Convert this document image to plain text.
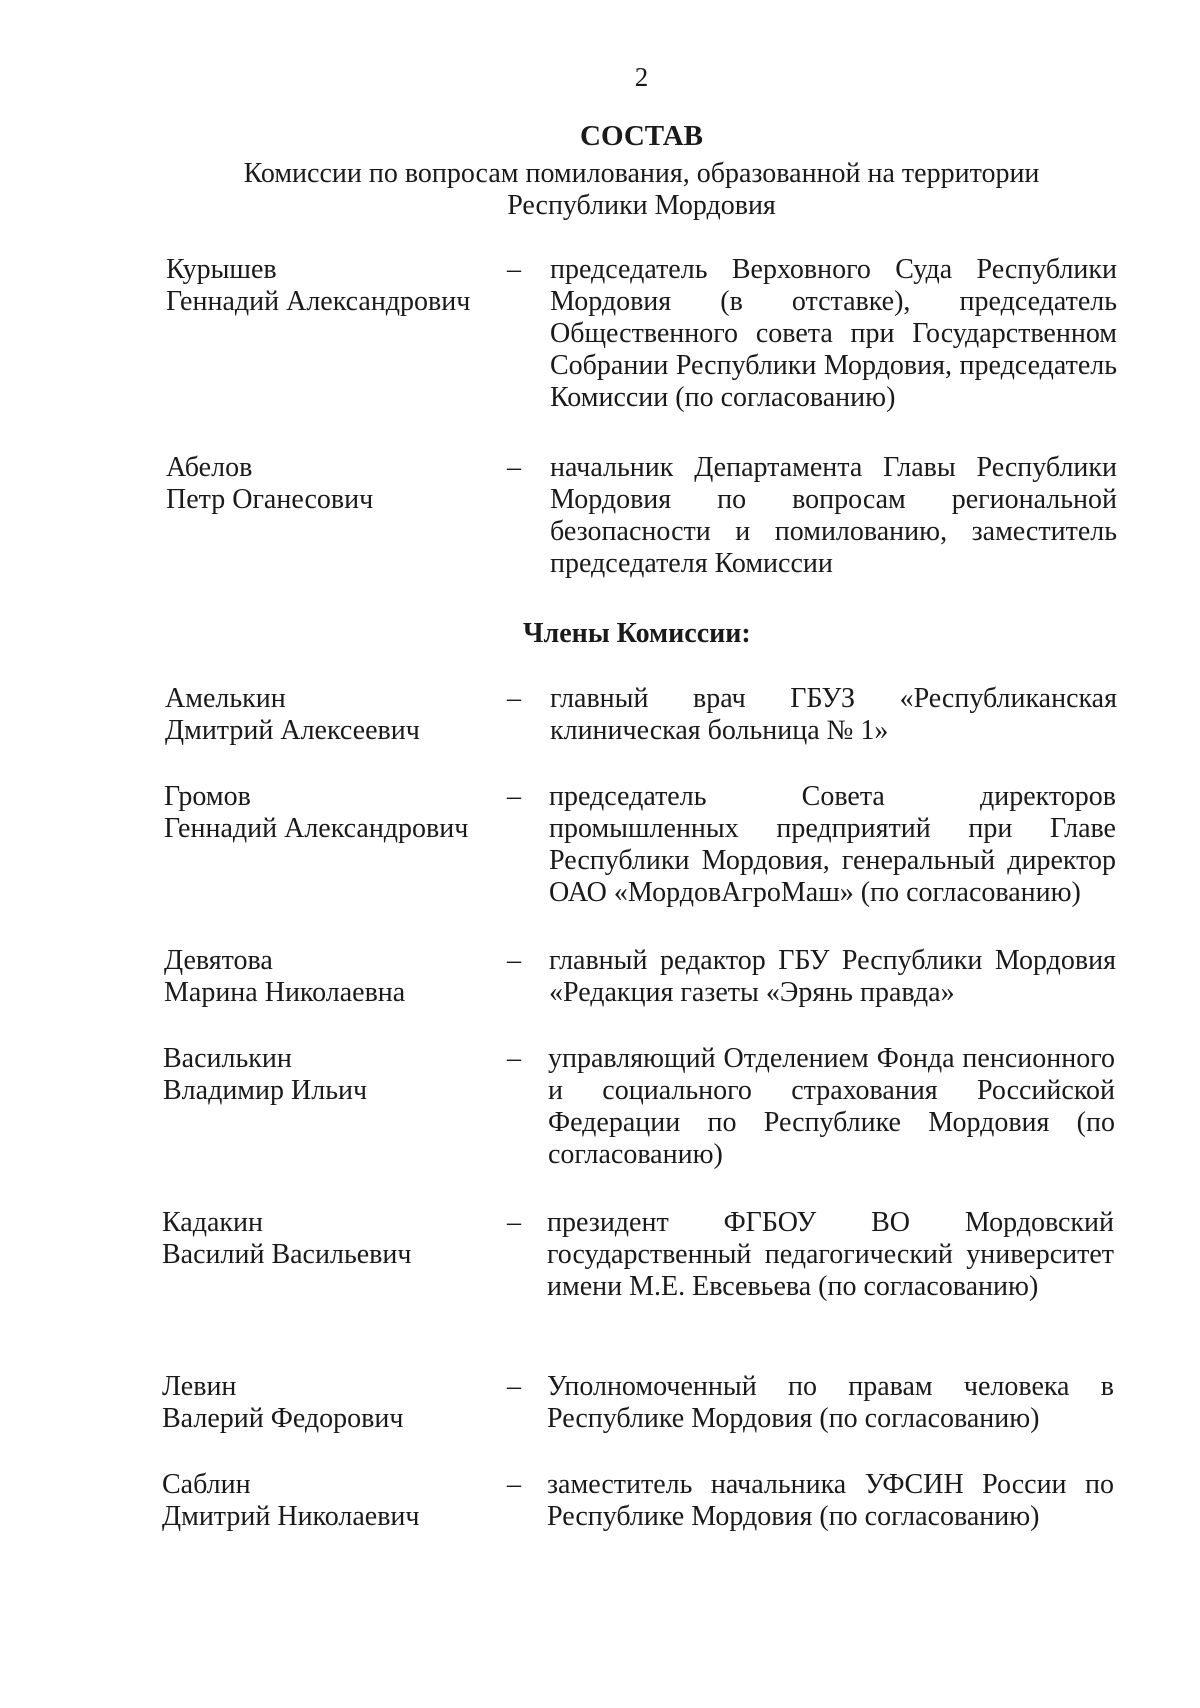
2
СОСТАВ
Комиссии по вопросам помилования, образованной на территории
Республики Мордовия
Курышев
Геннадий Александрович
– председатель Верховного Суда Республики Мордовия (в отставке), председатель Общественного совета при Государственном Собрании Республики Мордовия, председатель Комиссии (по согласованию)
Абелов
Петр Оганесович
– начальник Департамента Главы Республики Мордовия по вопросам региональной безопасности и помилованию, заместитель председателя Комиссии
Члены Комиссии:
Амелькин
Дмитрий Алексеевич
– главный врач ГБУЗ «Республиканская клиническая больница № 1»
Громов
Геннадий Александрович
– председатель Совета директоров промышленных предприятий при Главе Республики Мордовия, генеральный директор ОАО «МордовАгроМаш» (по согласованию)
Девятова
Марина Николаевна
– главный редактор ГБУ Республики Мордовия «Редакция газеты «Эрянь правда»
Василькин
Владимир Ильич
– управляющий Отделением Фонда пенсионного и социального страхования Российской Федерации по Республике Мордовия (по согласованию)
Кадакин
Василий Васильевич
– президент ФГБОУ ВО Мордовский государственный педагогический университет имени М.Е. Евсевьева (по согласованию)
Левин
Валерий Федорович
– Уполномоченный по правам человека в Республике Мордовия (по согласованию)
Саблин
Дмитрий Николаевич
– заместитель начальника УФСИН России по Республике Мордовия (по согласованию)
